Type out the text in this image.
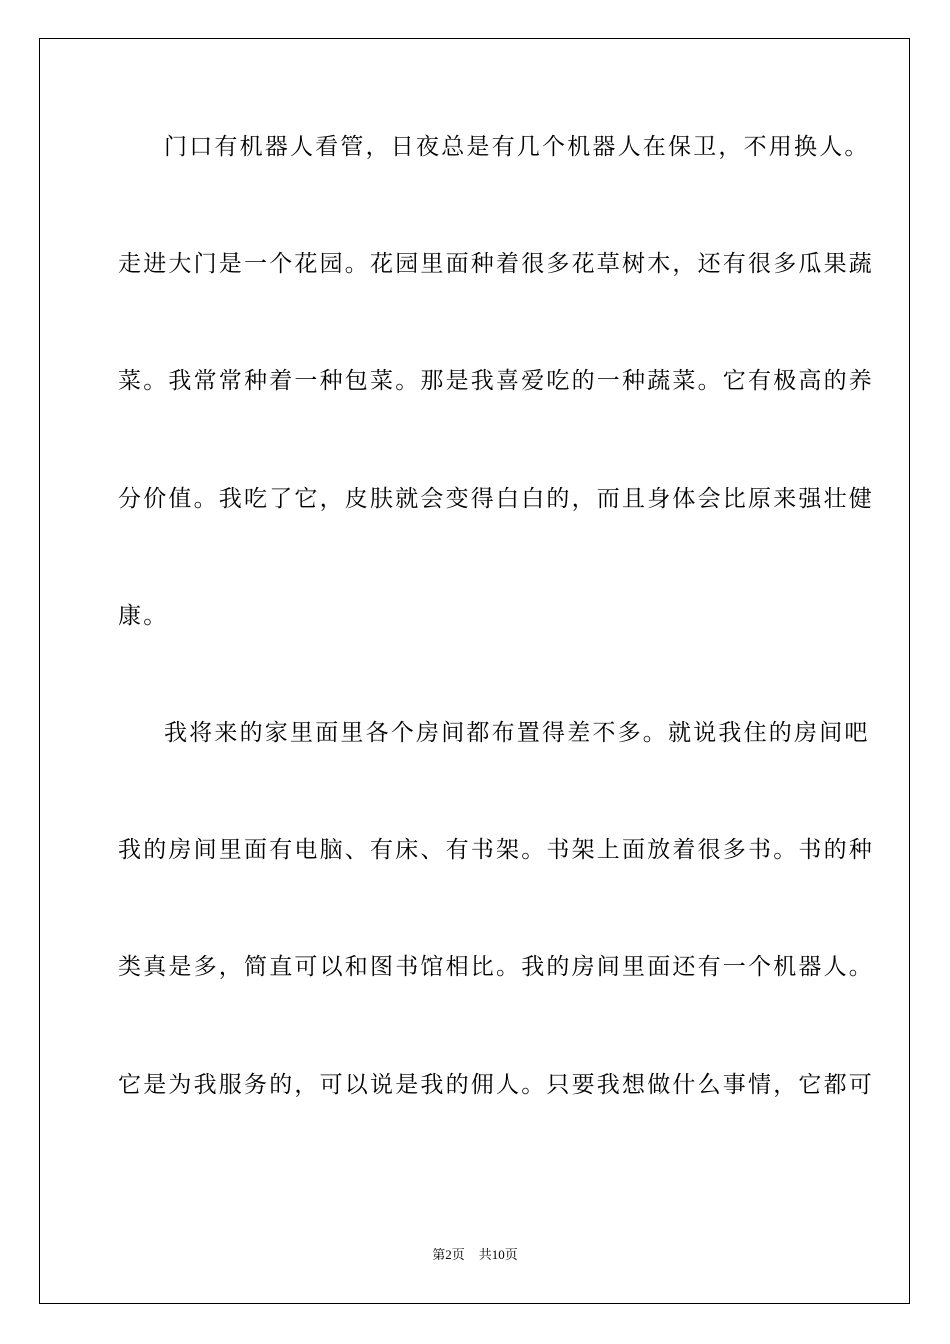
门口有机器人看管，日夜总是有几个机器人在保卫，不用换人。
走进大门是一个花园。花园里面种着很多花草树木，还有很多瓜果蔬
菜。我常常种着一种包菜。那是我喜爱吃的一种蔬菜。它有极高的养
分价值。我吃了它，皮肤就会变得白白的，而且身体会比原来强壮健
康。
我将来的家里面里各个房间都布置得差不多。就说我住的房间吧
我的房间里面有电脑、有床、有书架。书架上面放着很多书。书的种
类真是多，简直可以和图书馆相比。我的房间里面还有一个机器人。
它是为我服务的，可以说是我的佣人。只要我想做什么事情，它都可
第2页 共10页
